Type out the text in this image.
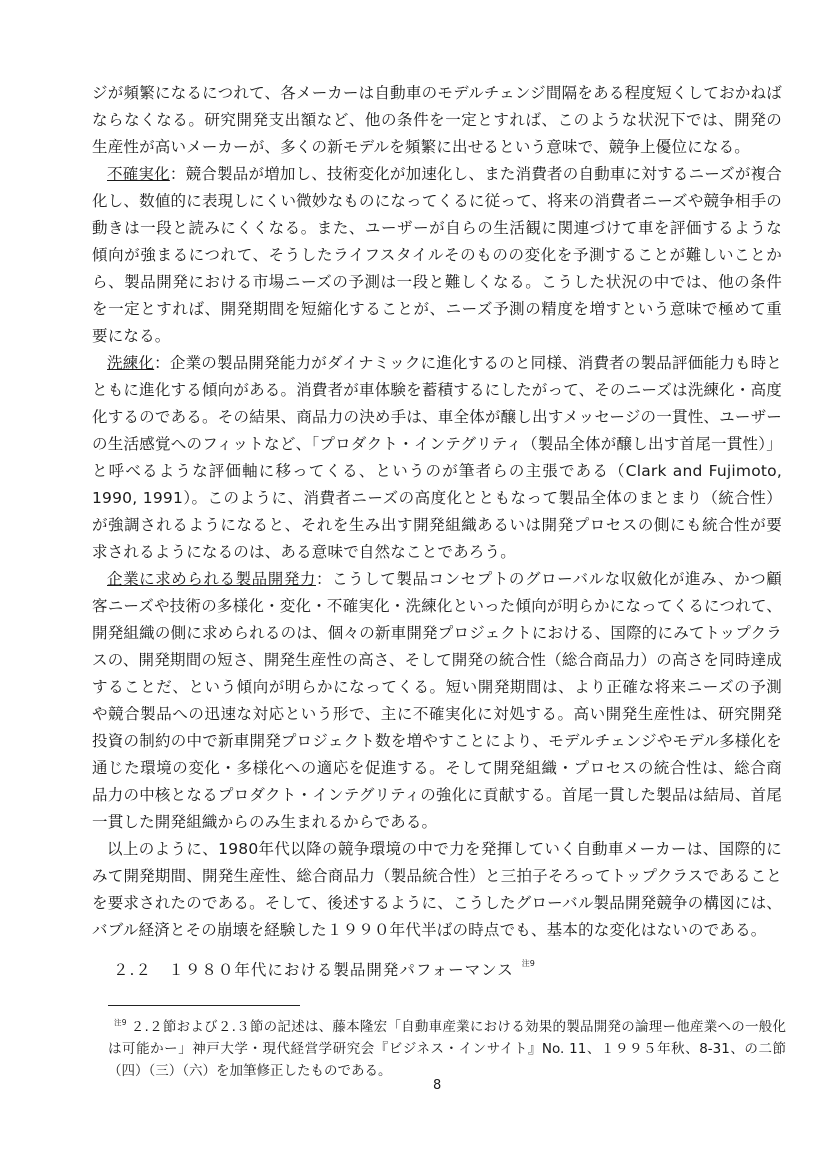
ジが頻繁になるにつれて、各メーカーは自動車のモデルチェンジ間隔をある程度短くしておかねばならなくなる。研究開発支出額など、他の条件を一定とすれば、このような状況下では、開発の生産性が高いメーカーが、多くの新モデルを頻繁に出せるという意味で、競争上優位になる。

不確実化：競合製品が増加し、技術変化が加速化し、また消費者の自動車に対するニーズが複合化し、数値的に表現しにくい微妙なものになってくるに従って、将来の消費者ニーズや競争相手の動きは一段と読みにくくなる。また、ユーザーが自らの生活観に関連づけて車を評価するような傾向が強まるにつれて、そうしたライフスタイルそのものの変化を予測することが難しいことから、製品開発における市場ニーズの予測は一段と難しくなる。こうした状況の中では、他の条件を一定とすれば、開発期間を短縮化することが、ニーズ予測の精度を増すという意味で極めて重要になる。

洗練化：企業の製品開発能力がダイナミックに進化するのと同様、消費者の製品評価能力も時とともに進化する傾向がある。消費者が車体験を蓄積するにしたがって、そのニーズは洗練化・高度化するのである。その結果、商品力の決め手は、車全体が醸し出すメッセージの一貫性、ユーザーの生活感覚へのフィットなど、「プロダクト・インテグリティ（製品全体が醸し出す首尾一貫性）」と呼べるような評価軸に移ってくる、というのが筆者らの主張である（Clark and Fujimoto, 1990, 1991）。このように、消費者ニーズの高度化とともなって製品全体のまとまり（統合性）が強調されるようになると、それを生み出す開発組織あるいは開発プロセスの側にも統合性が要求されるようになるのは、ある意味で自然なことであろう。

企業に求められる製品開発力：こうして製品コンセプトのグローバルな収斂化が進み、かつ顧客ニーズや技術の多様化・変化・不確実化・洗練化といった傾向が明らかになってくるにつれて、開発組織の側に求められるのは、個々の新車開発プロジェクトにおける、国際的にみてトップクラスの、開発期間の短さ、開発生産性の高さ、そして開発の統合性（総合商品力）の高さを同時達成することだ、という傾向が明らかになってくる。短い開発期間は、より正確な将来ニーズの予測や競合製品への迅速な対応という形で、主に不確実化に対処する。高い開発生産性は、研究開発投資の制約の中で新車開発プロジェクト数を増やすことにより、モデルチェンジやモデル多様化を通じた環境の変化・多様化への適応を促進する。そして開発組織・プロセスの統合性は、総合商品力の中核となるプロダクト・インテグリティの強化に貢献する。首尾一貫した製品は結局、首尾一貫した開発組織からのみ生まれるからである。

以上のように、1980年代以降の競争環境の中で力を発揮していく自動車メーカーは、国際的にみて開発期間、開発生産性、総合商品力（製品統合性）と三拍子そろってトップクラスであることを要求されたのである。そして、後述するように、こうしたグローバル製品開発競争の構図には、バブル経済とその崩壊を経験した１９９０年代半ばの時点でも、基本的な変化はないのである。

２.２　１９８０年代における製品開発パフォーマンス $^{注9}$
$^{注9}$ ２.２節および２.３節の記述は、藤本隆宏「自動車産業における効果的製品開発の論理ー他産業への一般化は可能かー」神戸大学・現代経営学研究会『ビジネス・インサイト』No. 11、１９９５年秋、8-31、の二節（四）（三）（六）を加筆修正したものである。
8
